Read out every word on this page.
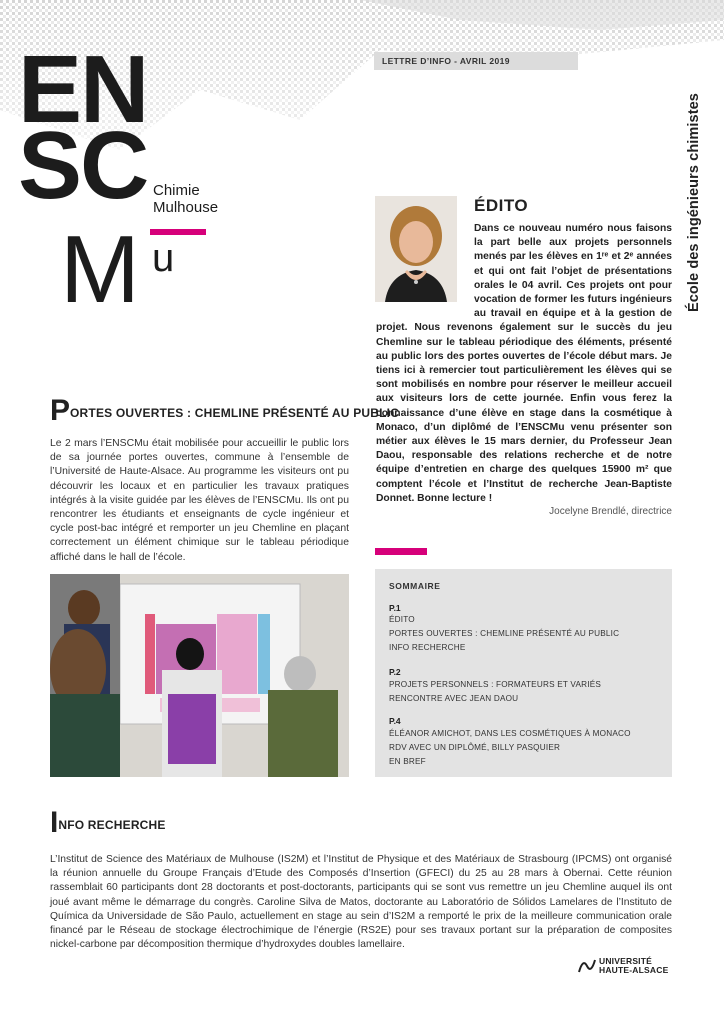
EN
SC Chimie
Mulhouse
M u
LETTRE D’INFO - AVRIL 2019
École des ingénieurs chimistes
ÉDITO
Dans ce nouveau numéro nous faisons la part belle aux projets personnels menés par les élèves en 1ʳᵉ et 2ᵉ années et qui ont fait l’objet de présentations orales le 04 avril. Ces projets ont pour vocation de former les futurs ingénieurs au travail en équipe et à la gestion de projet. Nous revenons également sur le succès du jeu Chemline sur le tableau périodique des éléments, présenté au public lors des portes ouvertes de l’école début mars. Je tiens ici à remercier tout particulièrement les élèves qui se sont mobilisés en nombre pour réserver le meilleur accueil aux visiteurs lors de cette journée. Enfin vous ferez la connaissance d’une élève en stage dans la cosmétique à Monaco, d’un diplômé de l’ENSCMu venu présenter son métier aux élèves le 15 mars dernier, du Professeur Jean Daou, responsable des relations recherche et de notre équipe d’entretien en charge des quelques 15900 m² que comptent l’école et l’Institut de recherche Jean-Baptiste Donnet. Bonne lecture !
Jocelyne Brendlé, directrice
SOMMAIRE
P.1
ÉDITO
PORTES OUVERTES : CHEMLINE PRÉSENTÉ AU PUBLIC
INFO RECHERCHE
P.2
PROJETS PERSONNELS : FORMATEURS ET VARIÉS
RENCONTRE AVEC JEAN DAOU
P.4
ÉLÉANOR AMICHOT, DANS LES COSMÉTIQUES À MONACO
RDV AVEC UN DIPLÔMÉ, BILLY PASQUIER
EN BREF
PORTES OUVERTES : CHEMLINE PRÉSENTÉ AU PUBLIC
Le 2 mars l’ENSCMu était mobilisée pour accueillir le public lors de sa journée portes ouvertes, commune à l’ensemble de l’Université de Haute-Alsace. Au programme les visiteurs ont pu découvrir les locaux et en particulier les travaux pratiques intégrés à la visite guidée par les élèves de l’ENSCMu. Ils ont pu rencontrer les étudiants et enseignants de cycle ingénieur et cycle post-bac intégré et remporter un jeu Chemline en plaçant correctement un élément chimique sur le tableau périodique affiché dans le hall de l’école.
INFO RECHERCHE
L’Institut de Science des Matériaux de Mulhouse (IS2M) et l’Institut de Physique et des Matériaux de Strasbourg (IPCMS) ont organisé la réunion annuelle du Groupe Français d’Etude des Composés d’Insertion (GFECI) du 25 au 28 mars à Obernai. Cette réunion rassemblait 60 participants dont 28 doctorants et post-doctorants, participants qui se sont vus remettre un jeu Chemline auquel ils ont joué avant même le démarrage du congrès. Caroline Silva de Matos, doctorante au Laboratório de Sólidos Lamelares de l’Instituto de Química da Universidade de São Paulo, actuellement en stage au sein d’IS2M a remporté le prix de la meilleure communication orale financé par le Réseau de stockage électrochimique de l’énergie (RS2E) pour ses travaux portant sur la préparation de composites nickel-carbone par décomposition thermique d’hydroxydes doubles lamellaire.
UNIVERSITÉ
HAUTE-ALSACE
